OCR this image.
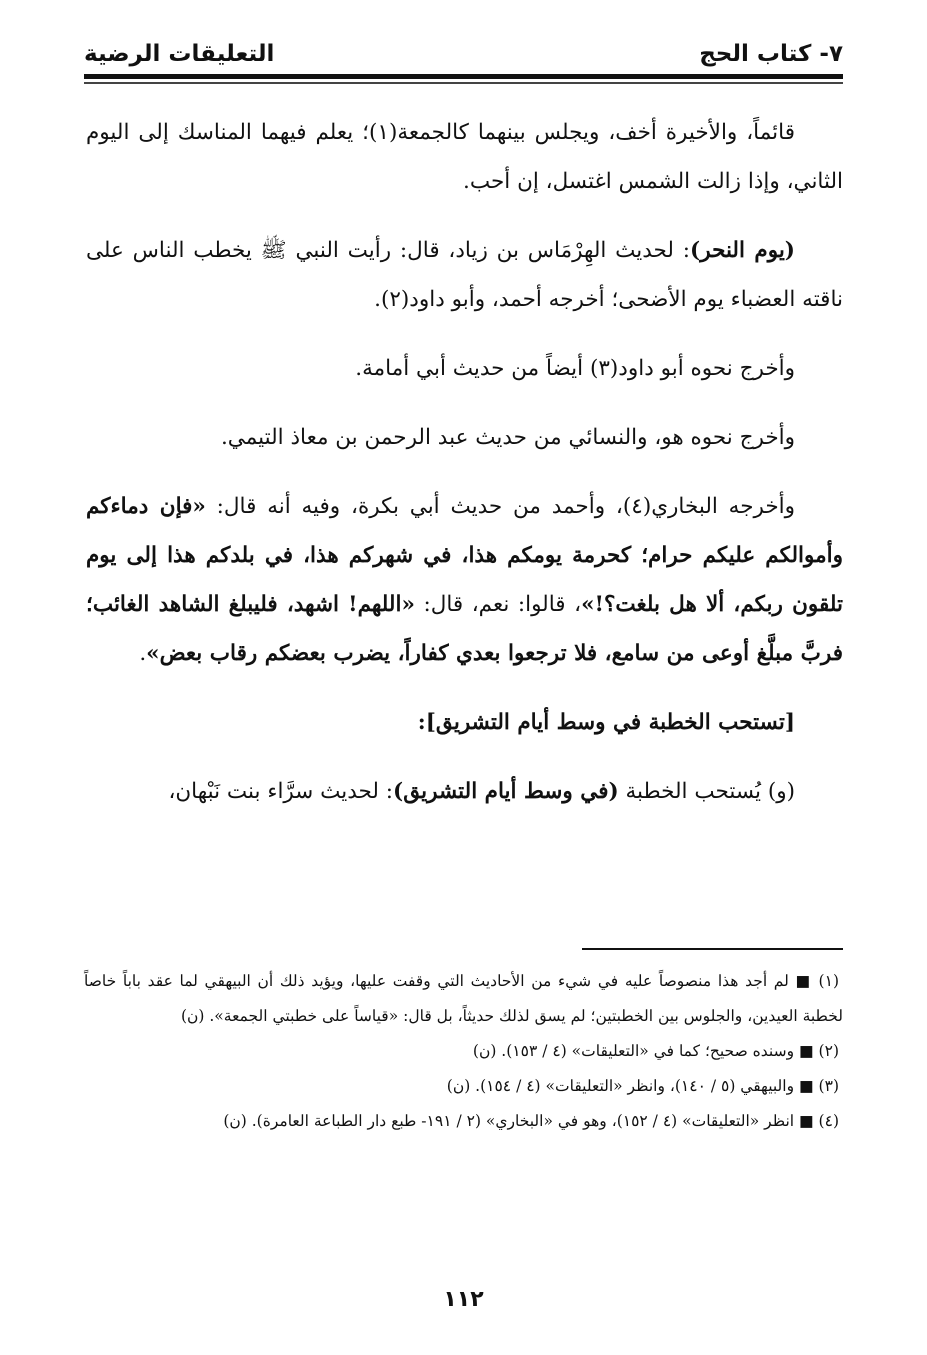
٧- كتاب الحج
التعليقات الرضية

قائماً، والأخيرة أخف، ويجلس بينهما كالجمعة(١)؛ يعلم فيهما المناسك إلى اليوم الثاني، وإذا زالت الشمس اغتسل، إن أحب.

(يوم النحر): لحديث الهِرْمَاس بن زياد، قال: رأيت النبي ﷺ يخطب الناس على ناقته العضباء يوم الأضحى؛ أخرجه أحمد، وأبو داود(٢).

وأخرج نحوه أبو داود(٣) أيضاً من حديث أبي أمامة.

وأخرج نحوه هو، والنسائي من حديث عبد الرحمن بن معاذ التيمي.

وأخرجه البخاري(٤)، وأحمد من حديث أبي بكرة، وفيه أنه قال: «فإن دماءكم وأموالكم عليكم حرام؛ كحرمة يومكم هذا، في شهركم هذا، في بلدكم هذا إلى يوم تلقون ربكم، ألا هل بلغت؟!»، قالوا: نعم، قال: «اللهم! اشهد، فليبلغ الشاهد الغائب؛ فربَّ مبلَّغ أوعى من سامع، فلا ترجعوا بعدي كفاراً، يضرب بعضكم رقاب بعض».

[تستحب الخطبة في وسط أيام التشريق]:

(و) يُستحب الخطبة (في وسط أيام التشريق): لحديث سرَّاء بنت نَبْهان،

(١) ■ لم أجد هذا منصوصاً عليه في شيء من الأحاديث التي وقفت عليها، ويؤيد ذلك أن البيهقي لما عقد باباً خاصاً لخطبة العيدين، والجلوس بين الخطبتين؛ لم يسق لذلك حديثاً، بل قال: «قياساً على خطبتي الجمعة». (ن)

(٢) ■ وسنده صحيح؛ كما في «التعليقات» (٤ / ١٥٣). (ن)

(٣) ■ والبيهقي (٥ / ١٤٠)، وانظر «التعليقات» (٤ / ١٥٤). (ن)

(٤) ■ انظر «التعليقات» (٤ / ١٥٢)، وهو في «البخاري» (٢ / ١٩١- طبع دار الطباعة العامرة). (ن)

١١٢
